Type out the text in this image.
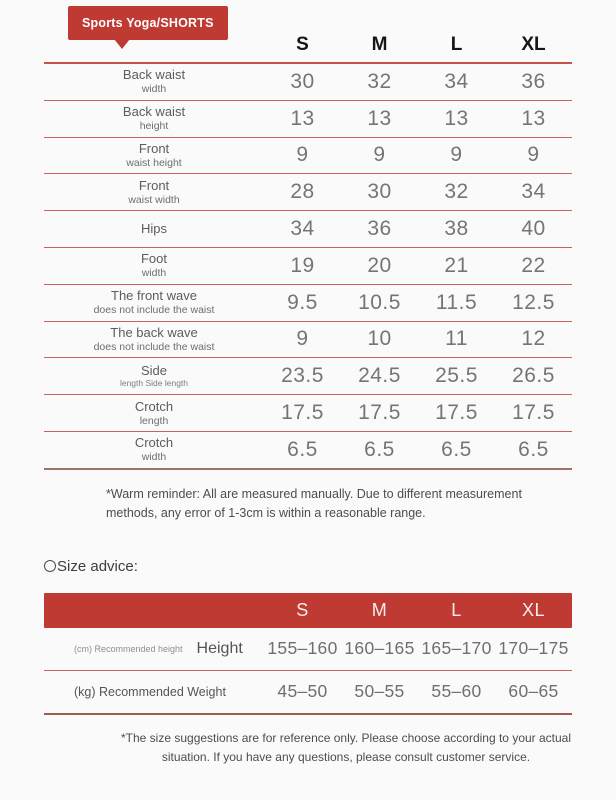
Sports Yoga/SHORTS
S	M	L	XL
Back waist
width	30	32	34	36
Back waist
height	13	13	13	13
Front
waist height	9	9	9	9
Front
waist width	28	30	32	34
Hips	34	36	38	40
Foot
width	19	20	21	22
The front wave
does not include the waist	9.5	10.5	11.5	12.5
The back wave
does not include the waist	9	10	11	12
Side
length Side length	23.5	24.5	25.5	26.5
Crotch
length	17.5	17.5	17.5	17.5
Crotch
width	6.5	6.5	6.5	6.5

*Warm reminder: All are measured manually. Due to different measurement methods, any error of 1-3cm is within a reasonable range.

Size advice:
S	M	L	XL
(cm) Recommended height Height 155–160 160–165 165–170 170–175
(kg) Recommended Weight	45–50	50–55	55–60	60–65

*The size suggestions are for reference only. Please choose according to your actual situation. If you have any questions, please consult customer service.
